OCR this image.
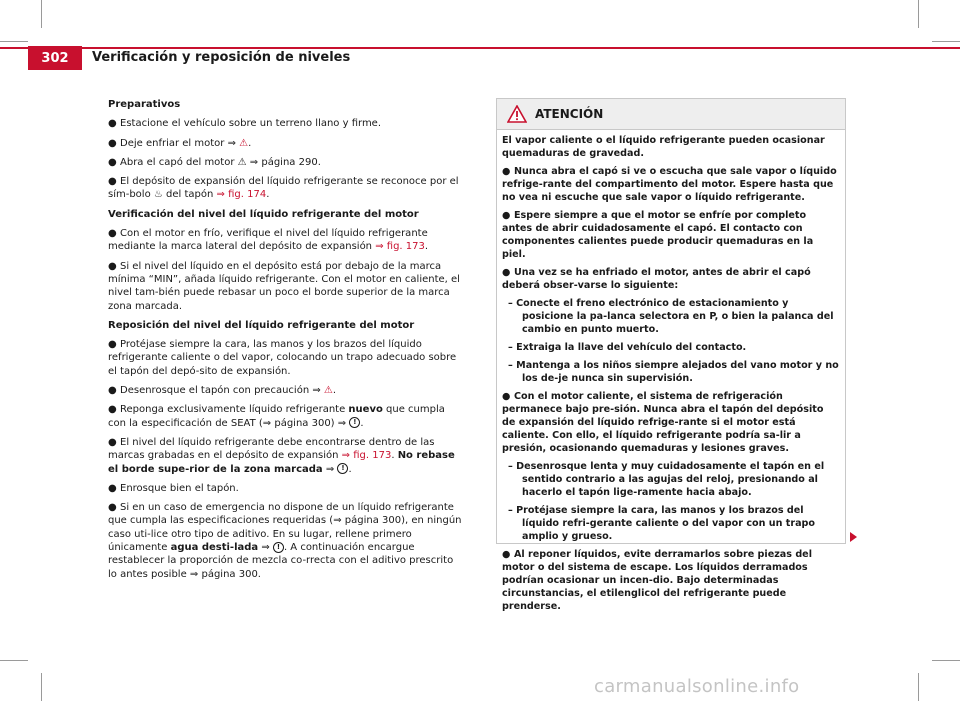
302	Verificación y reposición de niveles

Preparativos

● Estacione el vehículo sobre un terreno llano y firme.

● Deje enfriar el motor ⇒ ⚠.

● Abra el capó del motor ⚠ ⇒ página 290.

● El depósito de expansión del líquido refrigerante se reconoce por el sím-bolo ♨ del tapón ⇒ fig. 174.

Verificación del nivel del líquido refrigerante del motor

● Con el motor en frío, verifique el nivel del líquido refrigerante mediante la marca lateral del depósito de expansión ⇒ fig. 173.

● Si el nivel del líquido en el depósito está por debajo de la marca mínima “MIN”, añada líquido refrigerante. Con el motor en caliente, el nivel tam-bién puede rebasar un poco el borde superior de la marca zona marcada.

Reposición del nivel del líquido refrigerante del motor

● Protéjase siempre la cara, las manos y los brazos del líquido refrigerante caliente o del vapor, colocando un trapo adecuado sobre el tapón del depó-sito de expansión.

● Desenrosque el tapón con precaución ⇒ ⚠.

● Reponga exclusivamente líquido refrigerante nuevo que cumpla con la especificación de SEAT (⇒ página 300) ⇒ ! .

● El nivel del líquido refrigerante debe encontrarse dentro de las marcas grabadas en el depósito de expansión ⇒ fig. 173. No rebase el borde supe-rior de la zona marcada ⇒ ! .

● Enrosque bien el tapón.

● Si en un caso de emergencia no dispone de un líquido refrigerante que cumpla las especificaciones requeridas (⇒ página 300), en ningún caso uti-lice otro tipo de aditivo. En su lugar, rellene primero únicamente agua desti-lada ⇒ ! . A continuación encargue restablecer la proporción de mezcla co-rrecta con el aditivo prescrito lo antes posible ⇒ página 300.

ATENCIÓN

El vapor caliente o el líquido refrigerante pueden ocasionar quemaduras de gravedad.

● Nunca abra el capó si ve o escucha que sale vapor o líquido refrige-rante del compartimento del motor. Espere hasta que no vea ni escuche que sale vapor o líquido refrigerante.

● Espere siempre a que el motor se enfríe por completo antes de abrir cuidadosamente el capó. El contacto con componentes calientes puede producir quemaduras en la piel.

● Una vez se ha enfriado el motor, antes de abrir el capó deberá obser-varse lo siguiente:

– Conecte el freno electrónico de estacionamiento y posicione la pa-lanca selectora en P, o bien la palanca del cambio en punto muerto.
– Extraiga la llave del vehículo del contacto.
– Mantenga a los niños siempre alejados del vano motor y no los de-je nunca sin supervisión.

● Con el motor caliente, el sistema de refrigeración permanece bajo pre-sión. Nunca abra el tapón del depósito de expansión del líquido refrige-rante si el motor está caliente. Con ello, el líquido refrigerante podría sa-lir a presión, ocasionando quemaduras y lesiones graves.

– Desenrosque lenta y muy cuidadosamente el tapón en el sentido contrario a las agujas del reloj, presionando al hacerlo el tapón lige-ramente hacia abajo.
– Protéjase siempre la cara, las manos y los brazos del líquido refri-gerante caliente o del vapor con un trapo amplio y grueso.

● Al reponer líquidos, evite derramarlos sobre piezas del motor o del sistema de escape. Los líquidos derramados podrían ocasionar un incen-dio. Bajo determinadas circunstancias, el etilenglicol del refrigerante puede prenderse.

carmanualsonline.info
